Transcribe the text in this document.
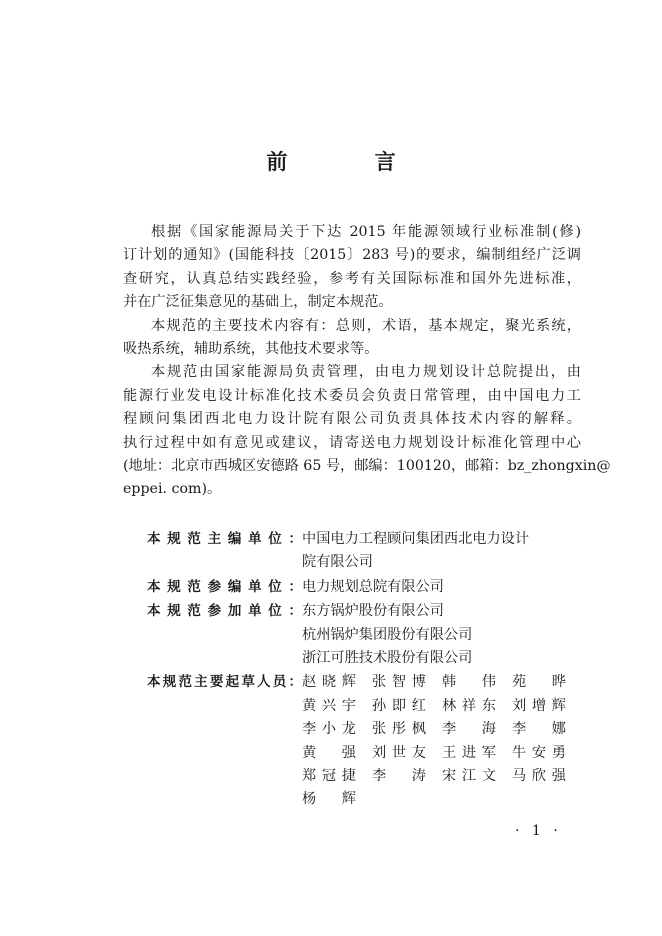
前 言
根据《国家能源局关于下达 2015 年能源领域行业标准制(修)
订计划的通知》(国能科技〔2015〕283 号)的要求，编制组经广泛调
查研究，认真总结实践经验，参考有关国际标准和国外先进标准，
并在广泛征集意见的基础上，制定本规范。
本规范的主要技术内容有：总则，术语，基本规定，聚光系统，
吸热系统，辅助系统，其他技术要求等。
本规范由国家能源局负责管理，由电力规划设计总院提出，由
能源行业发电设计标准化技术委员会负责日常管理，由中国电力工
程顾问集团西北电力设计院有限公司负责具体技术内容的解释。
执行过程中如有意见或建议，请寄送电力规划设计标准化管理中心
(地址：北京市西城区安德路 65 号，邮编：100120，邮箱：bz_zhongxin@
eppei. com)。
本规范主编单位： 中国电力工程顾问集团西北电力设计
院有限公司
本规范参编单位： 电力规划总院有限公司
本规范参加单位： 东方锅炉股份有限公司
杭州锅炉集团股份有限公司
浙江可胜技术股份有限公司
本规范主要起草人员： 赵晓辉 张智博 韩 伟 苑 晔
黄兴宇 孙即红 林祥东 刘增辉
李小龙 张彤枫 李 海 李 娜
黄 强 刘世友 王进军 牛安勇
郑冠捷 李 涛 宋江文 马欣强
杨 辉
· 1 ·
